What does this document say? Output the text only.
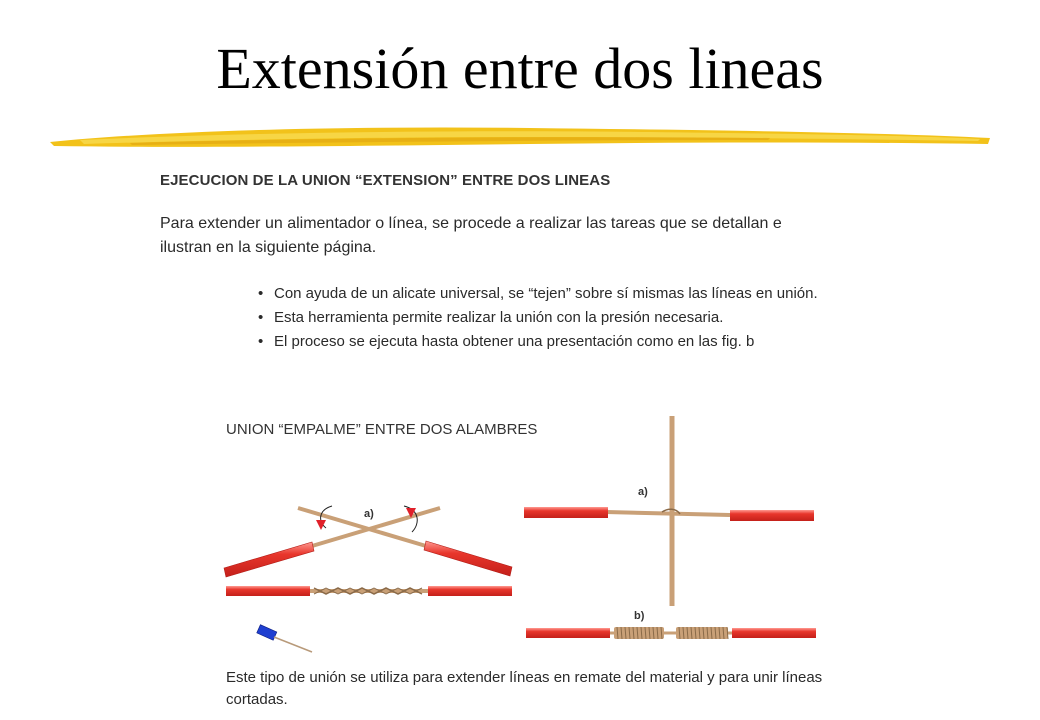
Extensión entre dos lineas
EJECUCION DE LA UNION “EXTENSION” ENTRE DOS LINEAS
Para extender un alimentador o línea, se procede a realizar las tareas que se detallan e ilustran en la siguiente página.
• Con ayuda de un alicate universal, se “tejen” sobre sí mismas las líneas en unión.
• Esta herramienta permite realizar la unión con la presión necesaria.
• El proceso se ejecuta hasta obtener una presentación como en las fig. b
UNION “EMPALME” ENTRE DOS ALAMBRES
a)
a)
b)
Este tipo de unión se utiliza para extender líneas en remate del material y para unir líneas cortadas.
